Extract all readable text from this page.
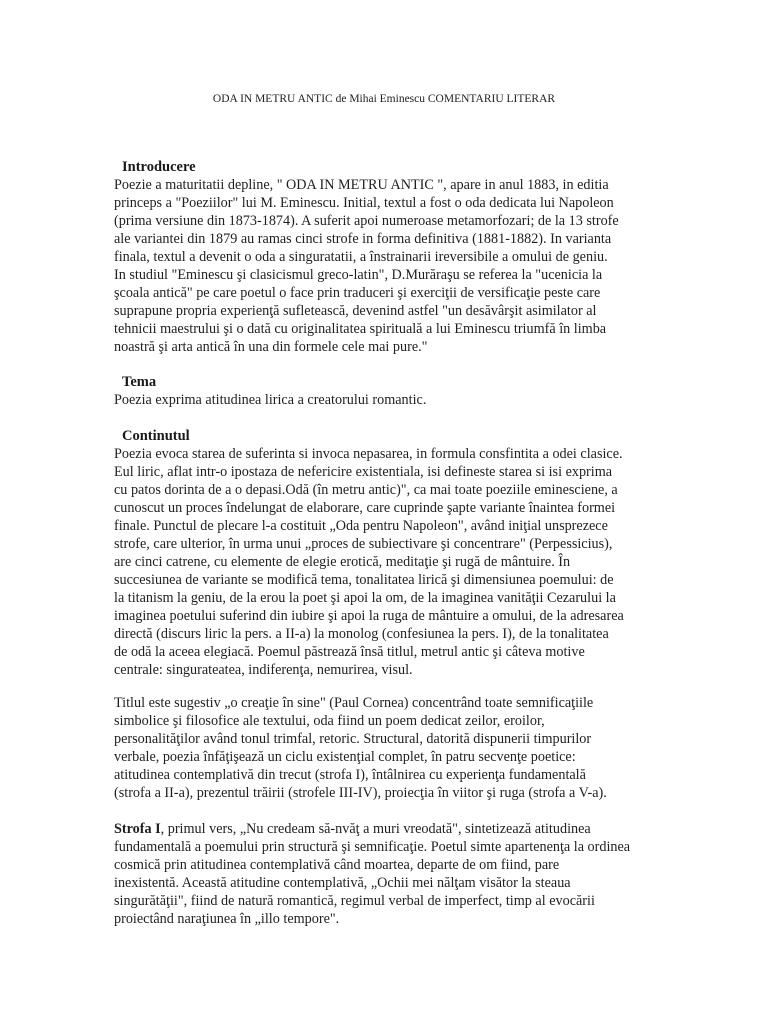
ODA IN METRU ANTIC de Mihai Eminescu COMENTARIU LITERAR
Introducere
Poezie a maturitatii depline, " ODA IN METRU ANTIC ", apare in anul 1883, in editia
princeps a "Poeziilor" lui M. Eminescu. Initial, textul a fost o oda dedicata lui Napoleon
(prima versiune din 1873-1874). A suferit apoi numeroase metamorfozari; de la 13 strofe
ale variantei din 1879 au ramas cinci strofe in forma definitiva (1881-1882). In varianta
finala, textul a devenit o oda a singuratatii, a înstrainarii ireversibile a omului de geniu.
In studiul "Eminescu şi clasicismul greco-latin", D.Murăraşu se referea la "ucenicia la
şcoala antică" pe care poetul o face prin traduceri şi exerciţii de versificaţie peste care
suprapune propria experienţă sufletească, devenind astfel "un desăvârşit asimilator al
tehnicii maestrului şi o dată cu originalitatea spirituală a lui Eminescu triumfă în limba
noastră şi arta antică în una din formele cele mai pure."
Tema
Poezia exprima atitudinea lirica a creatorului romantic.
Continutul
Poezia evoca starea de suferinta si invoca nepasarea, in formula consfintita a odei clasice.
Eul liric, aflat intr-o ipostaza de nefericire existentiala, isi defineste starea si isi exprima
cu patos dorinta de a o depasi.Odă (în metru antic)", ca mai toate poeziile eminesciene, a
cunoscut un proces îndelungat de elaborare, care cuprinde şapte variante înaintea formei
finale. Punctul de plecare l-a costituit „Oda pentru Napoleon", având iniţial unsprezece
strofe, care ulterior, în urma unui „proces de subiectivare şi concentrare" (Perpessicius),
are cinci catrene, cu elemente de elegie erotică, meditaţie şi rugă de mântuire. În
succesiunea de variante se modifică tema, tonalitatea lirică şi dimensiunea poemului: de
la titanism la geniu, de la erou la poet şi apoi la om, de la imaginea vanităţii Cezarului la
imaginea poetului suferind din iubire şi apoi la ruga de mântuire a omului, de la adresarea
directă (discurs liric la pers. a II-a) la monolog (confesiunea la pers. I), de la tonalitatea
de odă la aceea elegiacă. Poemul păstrează însă titlul, metrul antic şi câteva motive
centrale: singurateatea, indiferenţa, nemurirea, visul.
Titlul este sugestiv „o creaţie în sine" (Paul Cornea) concentrând toate semnificaţiile
simbolice şi filosofice ale textului, oda fiind un poem dedicat zeilor, eroilor,
personalităţilor având tonul trimfal, retoric. Structural, datorită dispunerii timpurilor
verbale, poezia înfăţişează un ciclu existenţial complet, în patru secvenţe poetice:
atitudinea contemplativă din trecut (strofa I), întâlnirea cu experienţa fundamentală
(strofa a II-a), prezentul trăirii (strofele III-IV), proiecţia în viitor şi ruga (strofa a V-a).
Strofa I, primul vers, „Nu credeam să-nvăţ a muri vreodată", sintetizează atitudinea
fundamentală a poemului prin structură şi semnificaţie. Poetul simte apartenenţa la ordinea
cosmică prin atitudinea contemplativă când moartea, departe de om fiind, pare
inexistentă. Această atitudine contemplativă, „Ochii mei nălţam visător la steaua
singurătăţii", fiind de natură romantică, regimul verbal de imperfect, timp al evocării
proiectând naraţiunea în „illo tempore".
